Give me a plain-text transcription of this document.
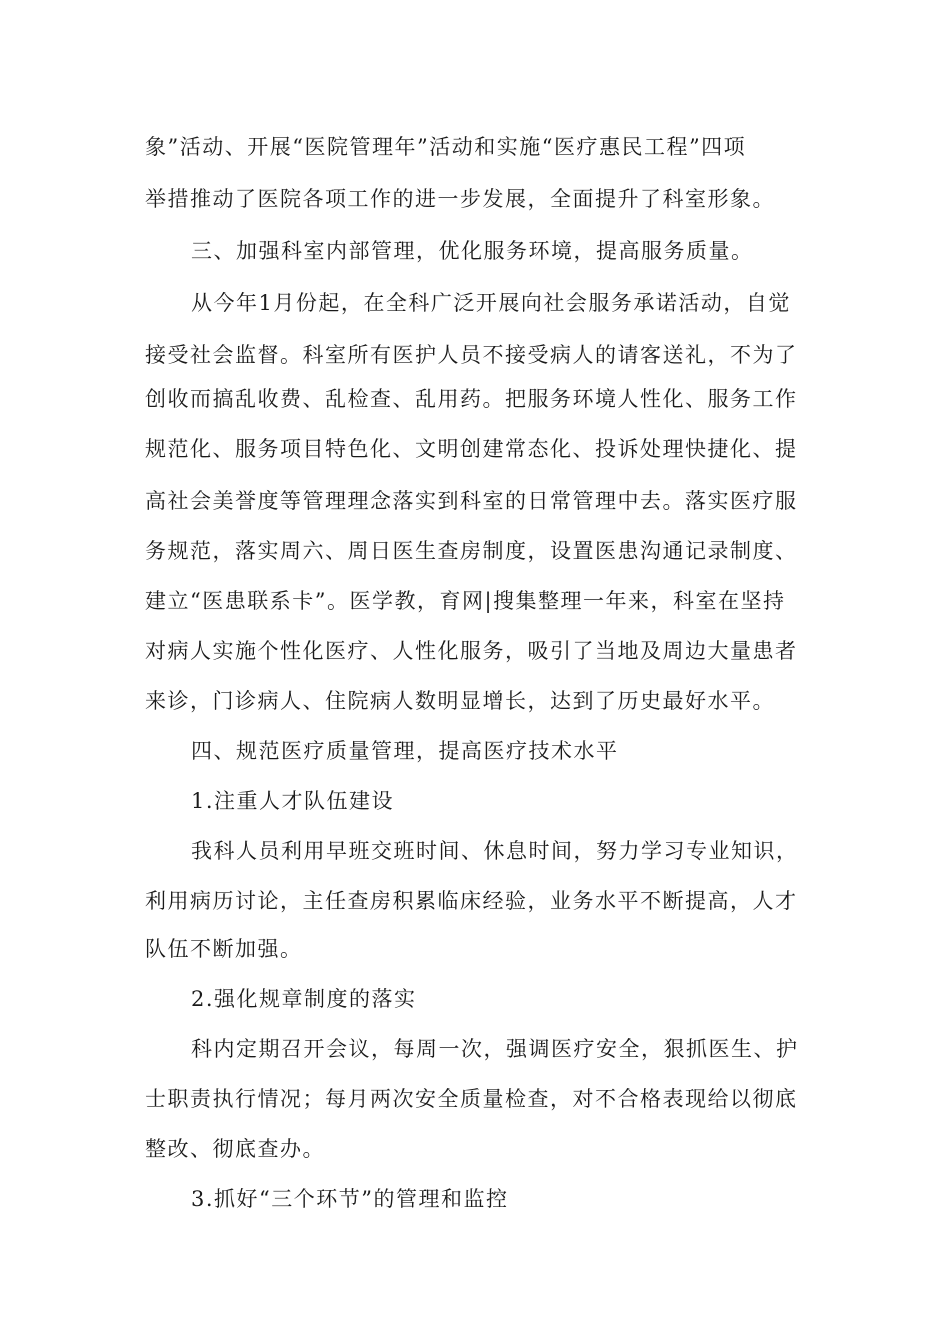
象”活动、开展“医院管理年”活动和实施“医疗惠民工程”四项
举措推动了医院各项工作的进一步发展，全面提升了科室形象。
三、加强科室内部管理，优化服务环境，提高服务质量。
从今年1月份起，在全科广泛开展向社会服务承诺活动，自觉
接受社会监督。科室所有医护人员不接受病人的请客送礼，不为了
创收而搞乱收费、乱检查、乱用药。把服务环境人性化、服务工作
规范化、服务项目特色化、文明创建常态化、投诉处理快捷化、提
高社会美誉度等管理理念落实到科室的日常管理中去。落实医疗服
务规范，落实周六、周日医生查房制度，设置医患沟通记录制度、
建立“医患联系卡”。医学教，育网|搜集整理一年来，科室在坚持
对病人实施个性化医疗、人性化服务，吸引了当地及周边大量患者
来诊，门诊病人、住院病人数明显增长，达到了历史最好水平。
四、规范医疗质量管理，提高医疗技术水平
1.注重人才队伍建设
我科人员利用早班交班时间、休息时间，努力学习专业知识，
利用病历讨论，主任查房积累临床经验，业务水平不断提高，人才
队伍不断加强。
2.强化规章制度的落实
科内定期召开会议，每周一次，强调医疗安全，狠抓医生、护
士职责执行情况；每月两次安全质量检查，对不合格表现给以彻底
整改、彻底查办。
3.抓好“三个环节”的管理和监控
